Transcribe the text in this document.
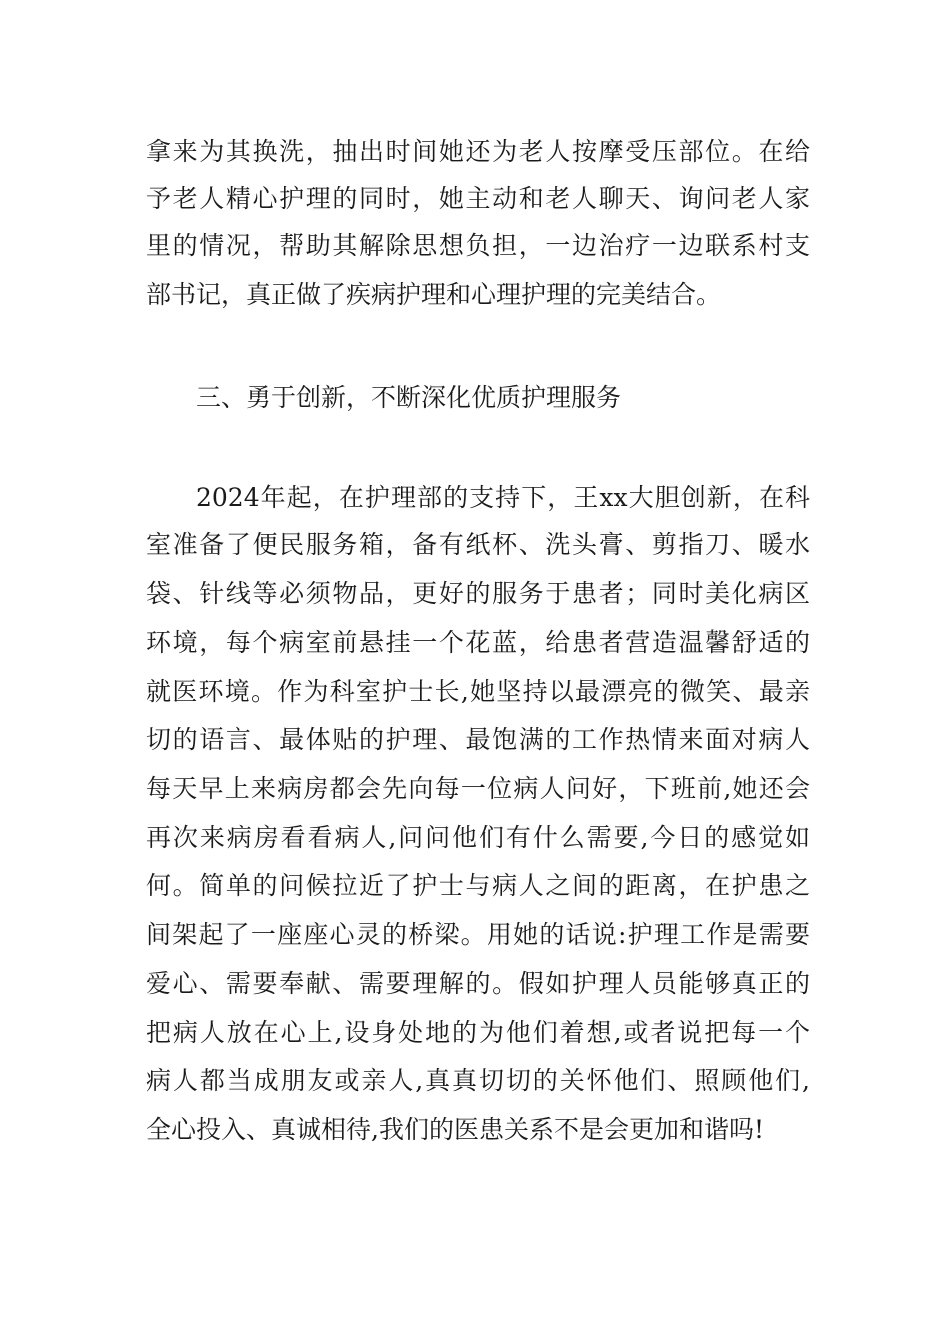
拿来为其换洗，抽出时间她还为老人按摩受压部位。在给
予老人精心护理的同时，她主动和老人聊天、询问老人家
里的情况，帮助其解除思想负担，一边治疗一边联系村支
部书记，真正做了疾病护理和心理护理的完美结合。
三、勇于创新，不断深化优质护理服务
2024年起，在护理部的支持下，王xx大胆创新，在科
室准备了便民服务箱，备有纸杯、洗头膏、剪指刀、暖水
袋、针线等必须物品，更好的服务于患者；同时美化病区
环境，每个病室前悬挂一个花蓝，给患者营造温馨舒适的
就医环境。作为科室护士长,她坚持以最漂亮的微笑、最亲
切的语言、最体贴的护理、最饱满的工作热情来面对病人
每天早上来病房都会先向每一位病人问好，下班前,她还会
再次来病房看看病人,问问他们有什么需要,今日的感觉如
何。简单的问候拉近了护士与病人之间的距离，在护患之
间架起了一座座心灵的桥梁。用她的话说:护理工作是需要
爱心、需要奉献、需要理解的。假如护理人员能够真正的
把病人放在心上,设身处地的为他们着想,或者说把每一个
病人都当成朋友或亲人,真真切切的关怀他们、照顾他们,
全心投入、真诚相待,我们的医患关系不是会更加和谐吗!
